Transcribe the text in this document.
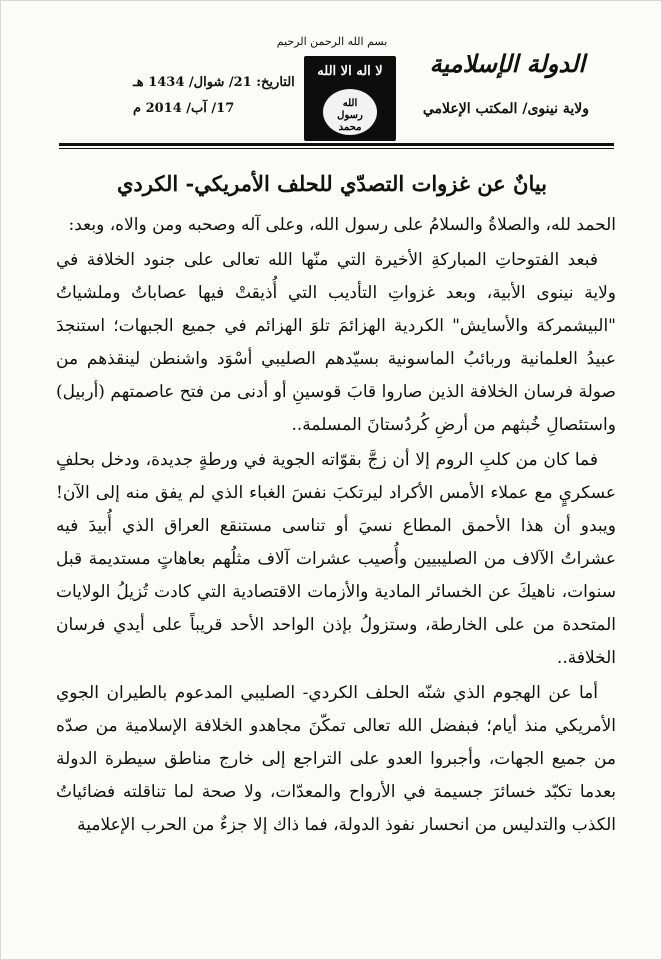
بسم الله الرحمن الرحيم
لا اله الا الله
الله
رسول
محمد
الدولة الإسلامية
ولاية نينوى/ المكتب الإعلامي
التاريخ: 21/ شوال/ 1434 هـ
17/ آب/ 2014 م
بيانٌ عن غزوات التصدّي للحلف الأمريكي- الكردي

الحمد لله، والصلاةُ والسلامُ على رسول الله، وعلى آله وصحبه ومن والاه، وبعد:

فبعد الفتوحاتِ المباركةِ الأخيرة التي منّها الله تعالى على جنود الخلافة في ولاية نينوى الأبية، وبعد غزواتِ التأديب التي أُذيقتْ فيها عصاباتُ وملشياتُ "البيشمركة والأسايش" الكردية الهزائمَ تلوَ الهزائم في جميع الجبهات؛ استنجدَ عبيدُ العلمانية وربائبُ الماسونية بسيّدهم الصليبي أسْوَد واشنطن لينقذهم من صولة فرسان الخلافة الذين صاروا قابَ قوسينِ أو أدنى من فتح عاصمتهم (أربيل) واستئصالِ خُبثهم من أرضِ كُردُستانَ المسلمة..

فما كان من كلبِ الروم إلا أن زجَّ بقوّاته الجوية في ورطةٍ جديدة، ودخل بحلفٍ عسكريٍ مع عملاء الأمس الأكراد ليرتكبَ نفسَ الغباء الذي لم يفق منه إلى الآن! ويبدو أن هذا الأحمق المطاع نسيَ أو تناسى مستنقع العراق الذي أُبيدَ فيه عشراتُ الآلاف من الصليبيين وأُصيب عشرات آلاف مثلُهم بعاهاتٍ مستديمة قبل سنوات، ناهيكَ عن الخسائر المادية والأزمات الاقتصادية التي كادت تُزيلُ الولايات المتحدة من على الخارطة، وستزولُ بإذن الواحد الأحد قريباً على أيدي فرسان الخلافة..

أما عن الهجوم الذي شنّه الحلف الكردي- الصليبي المدعوم بالطيران الجوي الأمريكي منذ أيام؛ فبفضل الله تعالى تمكّنَ مجاهدو الخلافة الإسلامية من صدّه من جميع الجهات، وأجبروا العدو على التراجع إلى خارج مناطق سيطرة الدولة بعدما تكبّد خسائرَ جسيمة في الأرواح والمعدّات، ولا صحة لما تناقلته فضائياتُ الكذب والتدليس من انحسار نفوذ الدولة، فما ذاك إلا جزءٌ من الحرب الإعلامية
